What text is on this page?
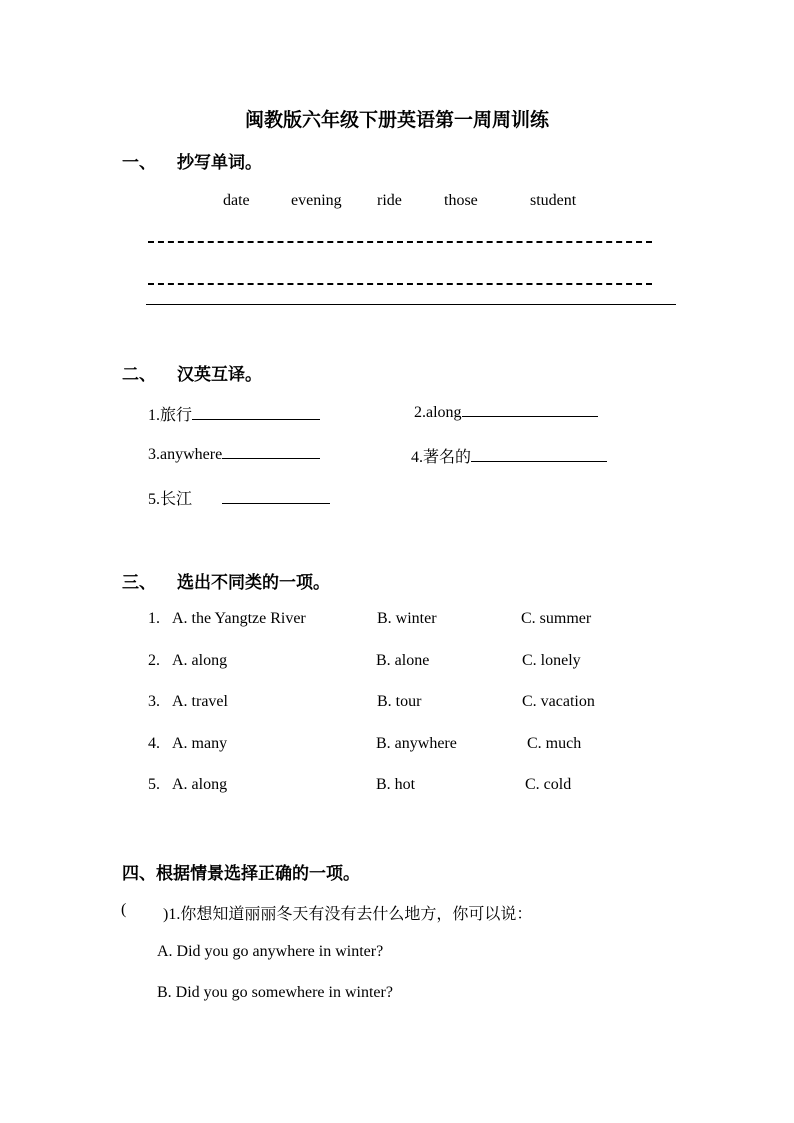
闽教版六年级下册英语第一周周训练
一、 抄写单词。
date	evening ride	those	student
二、 汉英互译。
1.旅行	2.along
3.anywhere	4.著名的
5.长江
三、 选出不同类的一项。
1. A. the Yangtze River	B. winter	C. summer
2. A. along	B. alone	C. lonely
3. A. travel	B. tour	C. vacation
4. A. many	B. anywhere	C. much
5. A. along	B. hot	C. cold
四、根据情景选择正确的一项。
( )1.你想知道丽丽冬天有没有去什么地方，你可以说：
A. Did you go anywhere in winter?
B. Did you go somewhere in winter?
